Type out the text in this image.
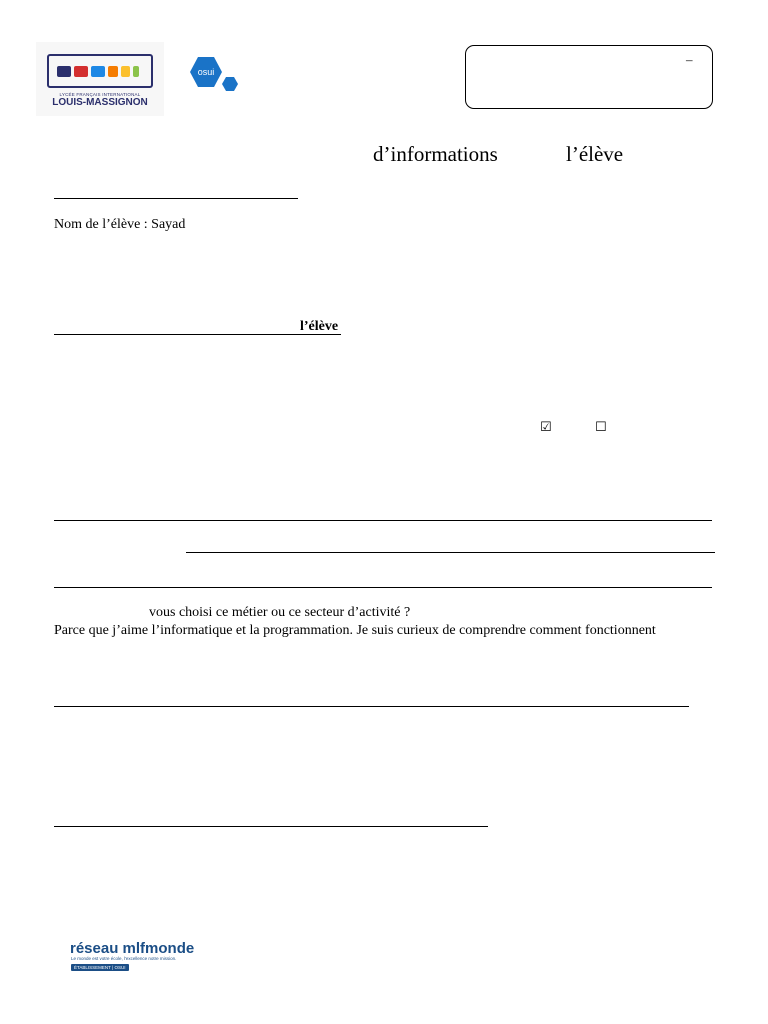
LYCÉE FRANÇAIS INTERNATIONAL
LOUIS-MASSIGNON
osui
–
d’informations	l’élève
Nom de l’élève : Sayad
l’élève
☑	☐
vous choisi ce métier ou ce secteur d’activité ?
Parce que j’aime l’informatique et la programmation. Je suis curieux de comprendre comment fonctionnent
réseau mlfmonde
Le monde est votre école, l'excellence notre mission.
ÉTABLISSEMENT | OSUI
